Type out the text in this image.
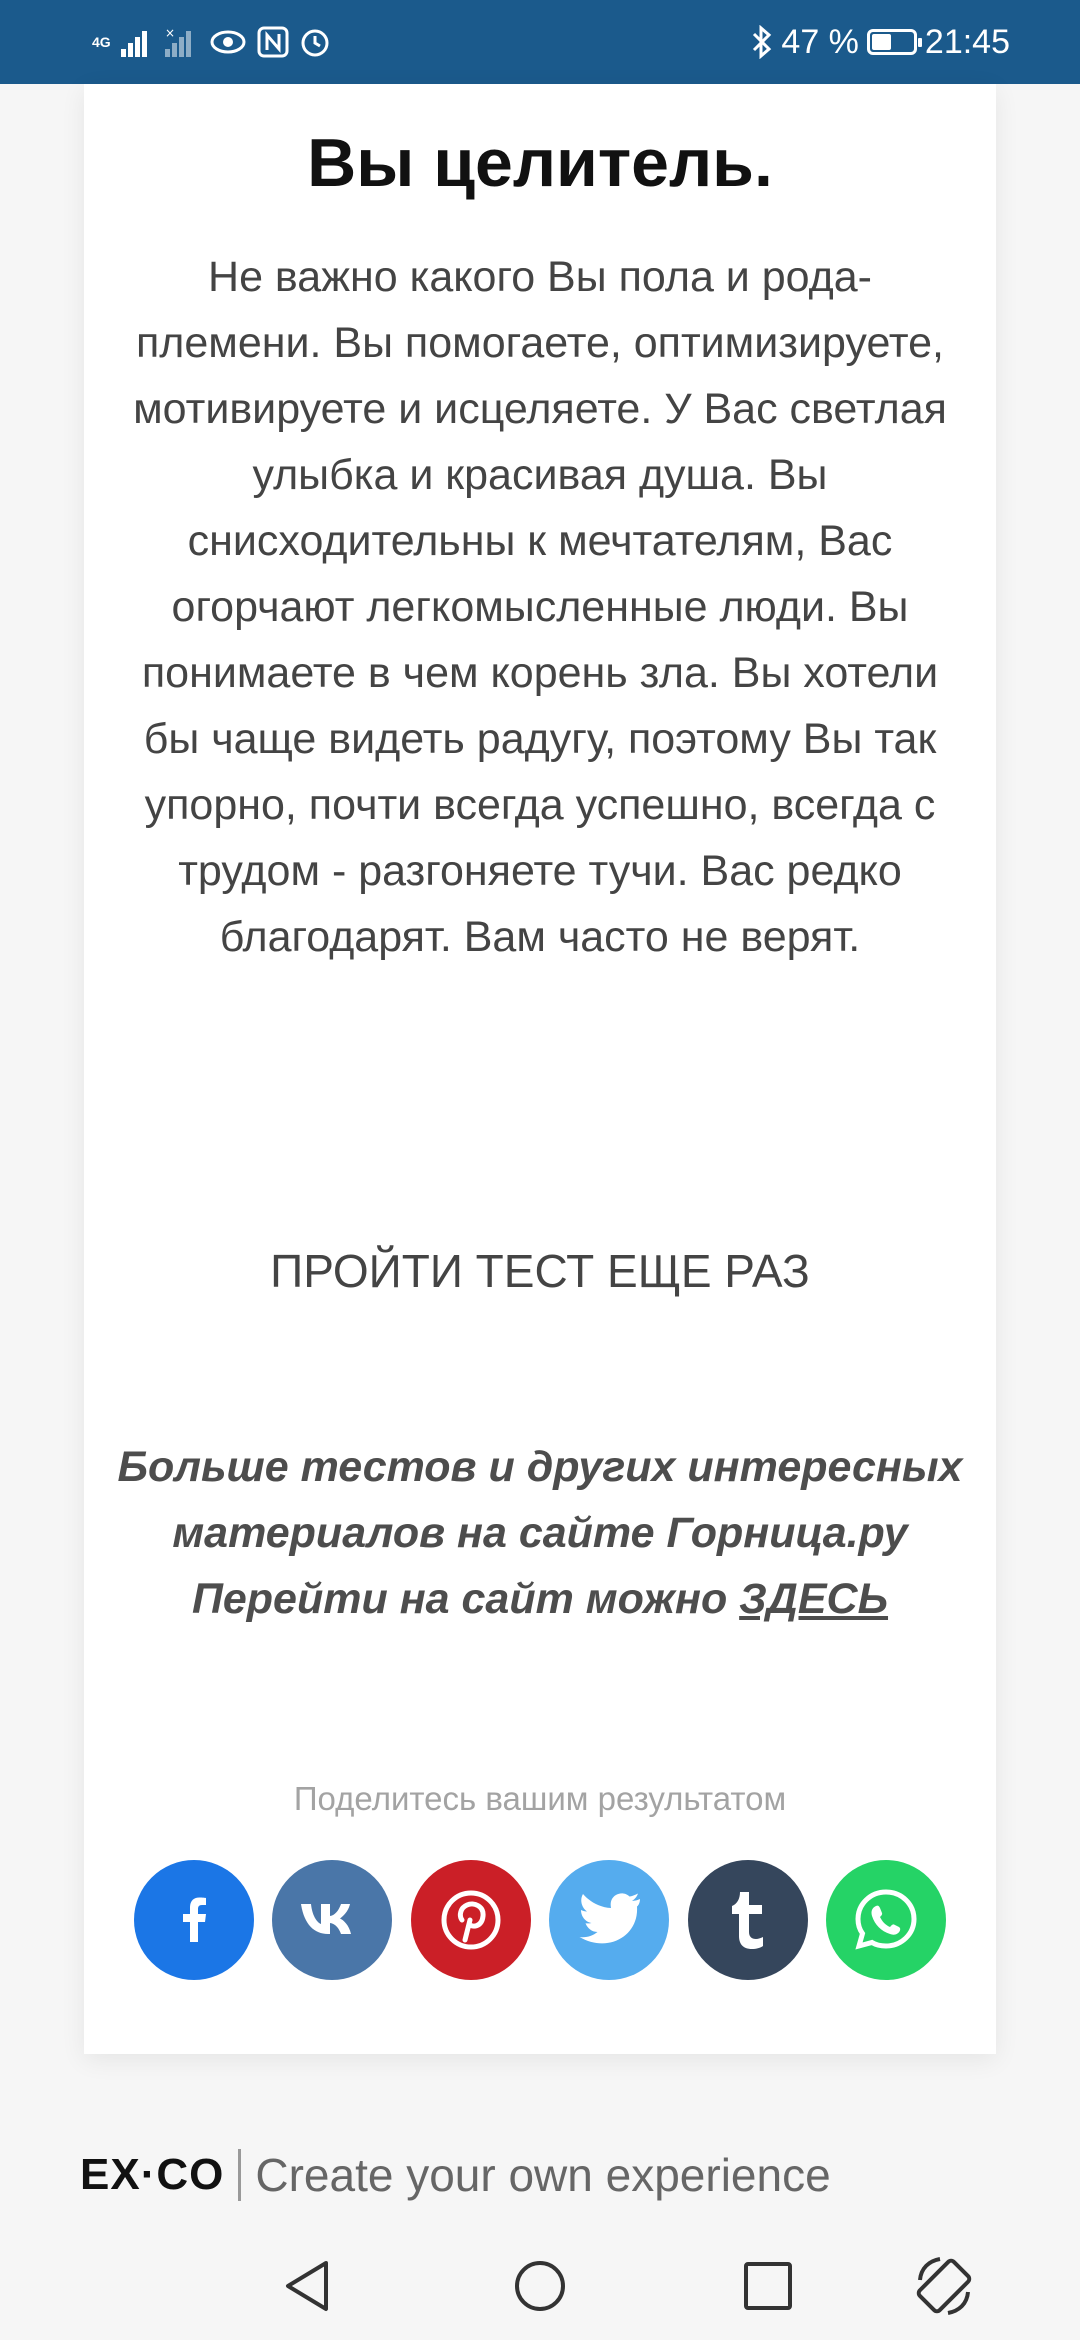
4G
×	47 % 21:45
Вы целитель.

Не важно какого Вы пола и рода-племени. Вы помогаете, оптимизируете, мотивируете и исцеляете. У Вас светлая улыбка и красивая душа. Вы снисходительны к мечтателям, Вас огорчают легкомысленные люди. Вы понимаете в чем корень зла. Вы хотели бы чаще видеть радугу, поэтому Вы так упорно, почти всегда успешно, всегда с трудом - разгоняете тучи. Вас редко благодарят. Вам часто не верят.

ПРОЙТИ ТЕСТ ЕЩЕ РАЗ
Больше тестов и других интересных материалов на сайте Горница.ру
Перейти на сайт можно ЗДЕСЬ
Поделитесь вашим результатом
EX·CO Create your own experience
